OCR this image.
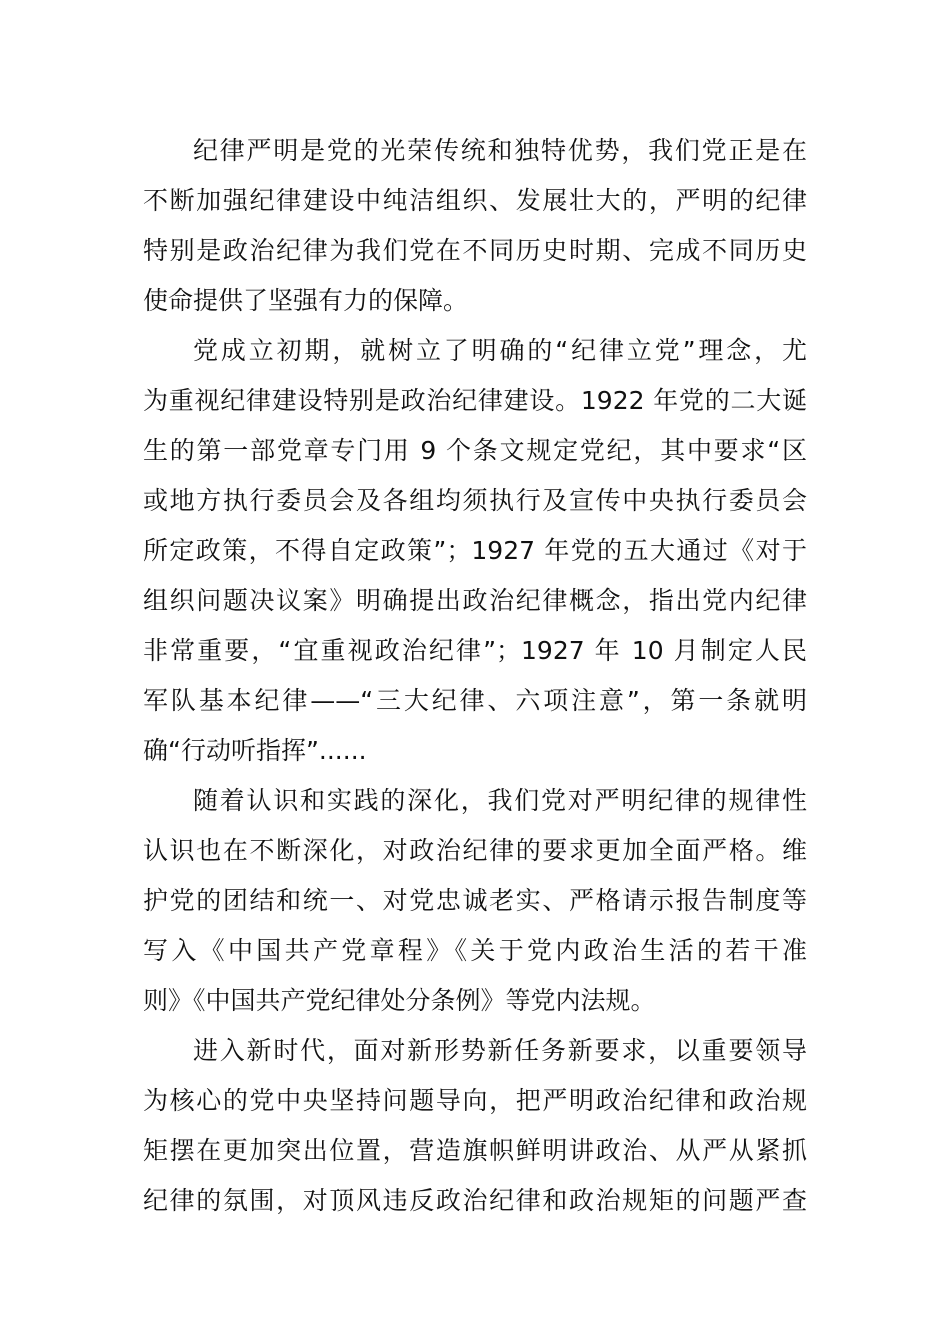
纪律严明是党的光荣传统和独特优势，我们党正是在
不断加强纪律建设中纯洁组织、发展壮大的，严明的纪律
特别是政治纪律为我们党在不同历史时期、完成不同历史
使命提供了坚强有力的保障。
党成立初期，就树立了明确的“纪律立党”理念，尤
为重视纪律建设特别是政治纪律建设。1922 年党的二大诞
生的第一部党章专门用 9 个条文规定党纪，其中要求“区
或地方执行委员会及各组均须执行及宣传中央执行委员会
所定政策，不得自定政策”；1927 年党的五大通过《对于
组织问题决议案》明确提出政治纪律概念，指出党内纪律
非常重要，“宜重视政治纪律”；1927 年 10 月制定人民
军队基本纪律——“三大纪律、六项注意”，第一条就明
确“行动听指挥”......
随着认识和实践的深化，我们党对严明纪律的规律性
认识也在不断深化，对政治纪律的要求更加全面严格。维
护党的团结和统一、对党忠诚老实、严格请示报告制度等
写入《中国共产党章程》《关于党内政治生活的若干准
则》《中国共产党纪律处分条例》等党内法规。
进入新时代，面对新形势新任务新要求，以重要领导
为核心的党中央坚持问题导向，把严明政治纪律和政治规
矩摆在更加突出位置，营造旗帜鲜明讲政治、从严从紧抓
纪律的氛围，对顶风违反政治纪律和政治规矩的问题严查
